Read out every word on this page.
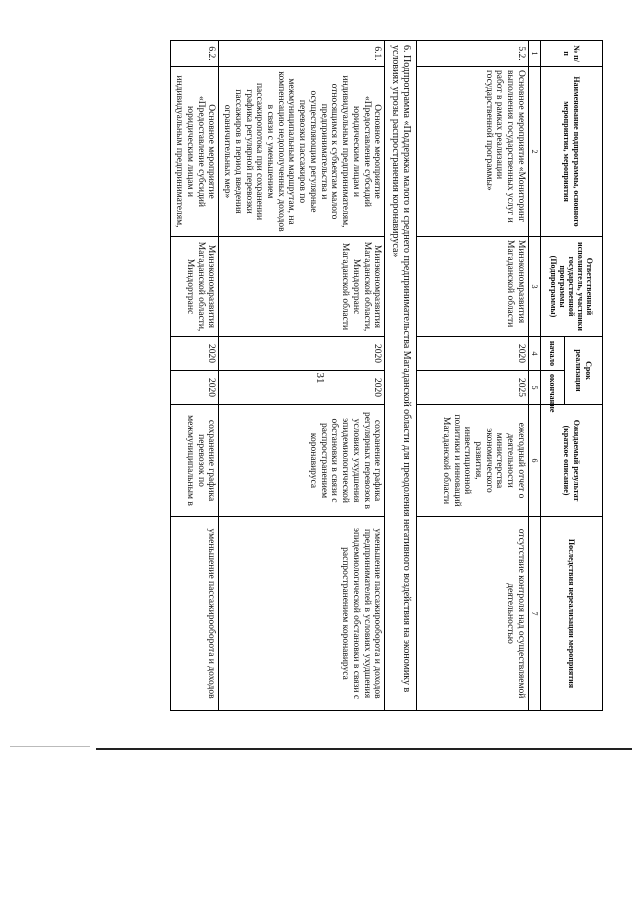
31
№ п/п	Наименование подпрограммы, основного мероприятия, мероприятия	Ответственный исполнитель, участники государственной программы (Подпрограммы)	Срок реализации		Ожидаемый результат (краткое описание)	Последствия нереализации мероприятия
			начало	окончание		
1	2	3	4	5	6	7
5.2.	Основное мероприятие «Мониторинг выполнения государственных услуг и работ в рамках реализации государственной программы»	Минэкономразвития Магаданской области	2020	2025	ежегодный отчет о деятельности министерства экономического развития, инвестиционной политики и инноваций Магаданской области	отсутствие контроля над осуществляемой деятельностью
6. Подпрограмма «Поддержка малого и среднего предпринимательства Магаданской области для преодоления негативного воздействия на экономику в условиях угрозы распространения коронавируса»						
6.1.	Основное мероприятие «Предоставление субсидий юридическим лицам и индивидуальным предпринимателям, относящимся к субъектам малого предпринимательства и осуществляющим регулярные перевозки пассажиров по межмуниципальным маршрутам, на компенсацию недополученных доходов в связи с уменьшением пассажиропотока при сохранении графика регулярной перевозки пассажиров в период введения ограничительных мер»	Минэкономразвития Магаданской области, Миндортранс Магаданской области	2020	2020	сохранение графика регулярных перевозок в условиях ухудшения эпидемиологической обстановки в связи с распространением коронавируса	уменьшение пассажирооборота и доходов предпринимателей в условиях ухудшения эпидемиологической обстановки в связи с распространением коронавируса
6.2.	Основное мероприятие «Предоставление субсидий юридическим лицам и индивидуальным предпринимателям,	Минэкономразвития Магаданской области, Миндортранс	2020	2020	сохранение графика перевозок по межмуниципальным в	уменьшение пассажирооборота и доходов
